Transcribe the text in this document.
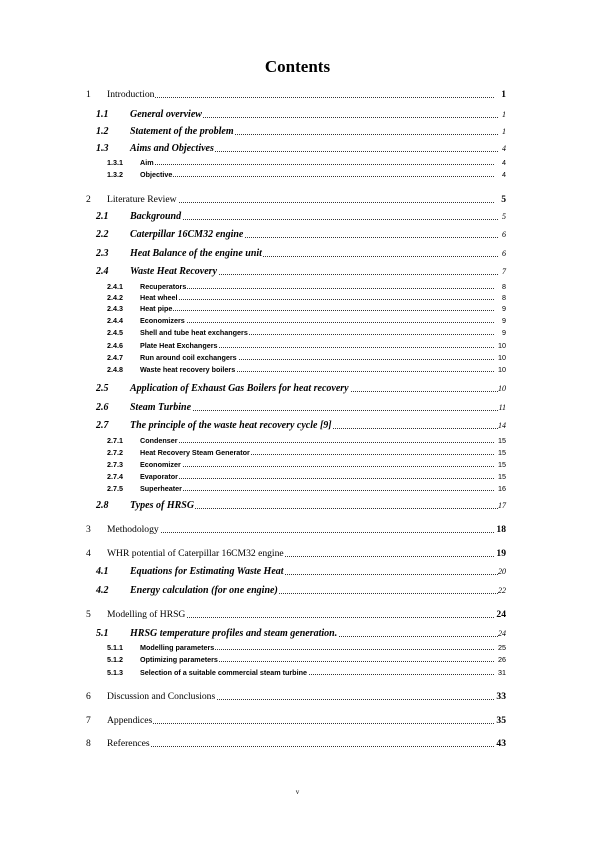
Contents
1 Introduction	1
1.1 General overview	1
1.2 Statement of the problem	1
1.3 Aims and Objectives	4
1.3.1 Aim	4
1.3.2 Objective	4
2 Literature Review	5
2.1 Background	5
2.2 Caterpillar 16CM32 engine	6
2.3 Heat Balance of the engine unit	6
2.4 Waste Heat Recovery	7
2.4.1 Recuperators	8
2.4.2 Heat wheel	8
2.4.3 Heat pipe	9
2.4.4 Economizers	9
2.4.5 Shell and tube heat exchangers	9
2.4.6 Plate Heat Exchangers	10
2.4.7 Run around coil exchangers	10
2.4.8 Waste heat recovery boilers	10
2.5 Application of Exhaust Gas Boilers for heat recovery	10
2.6 Steam Turbine	11
2.7 The principle of the waste heat recovery cycle [9]	14
2.7.1 Condenser	15
2.7.2 Heat Recovery Steam Generator	15
2.7.3 Economizer	15
2.7.4 Evaporator	15
2.7.5 Superheater	16
2.8 Types of HRSG	17
3 Methodology	18
4 WHR potential of Caterpillar 16CM32 engine	19
4.1 Equations for Estimating Waste Heat	20
4.2 Energy calculation (for one engine)	22
5 Modelling of HRSG	24
5.1 HRSG temperature profiles and steam generation.	24
5.1.1 Modelling parameters	25
5.1.2 Optimizing parameters	26
5.1.3 Selection of a suitable commercial steam turbine	31
6 Discussion and Conclusions	33
7 Appendices	35
8 References	43
v
